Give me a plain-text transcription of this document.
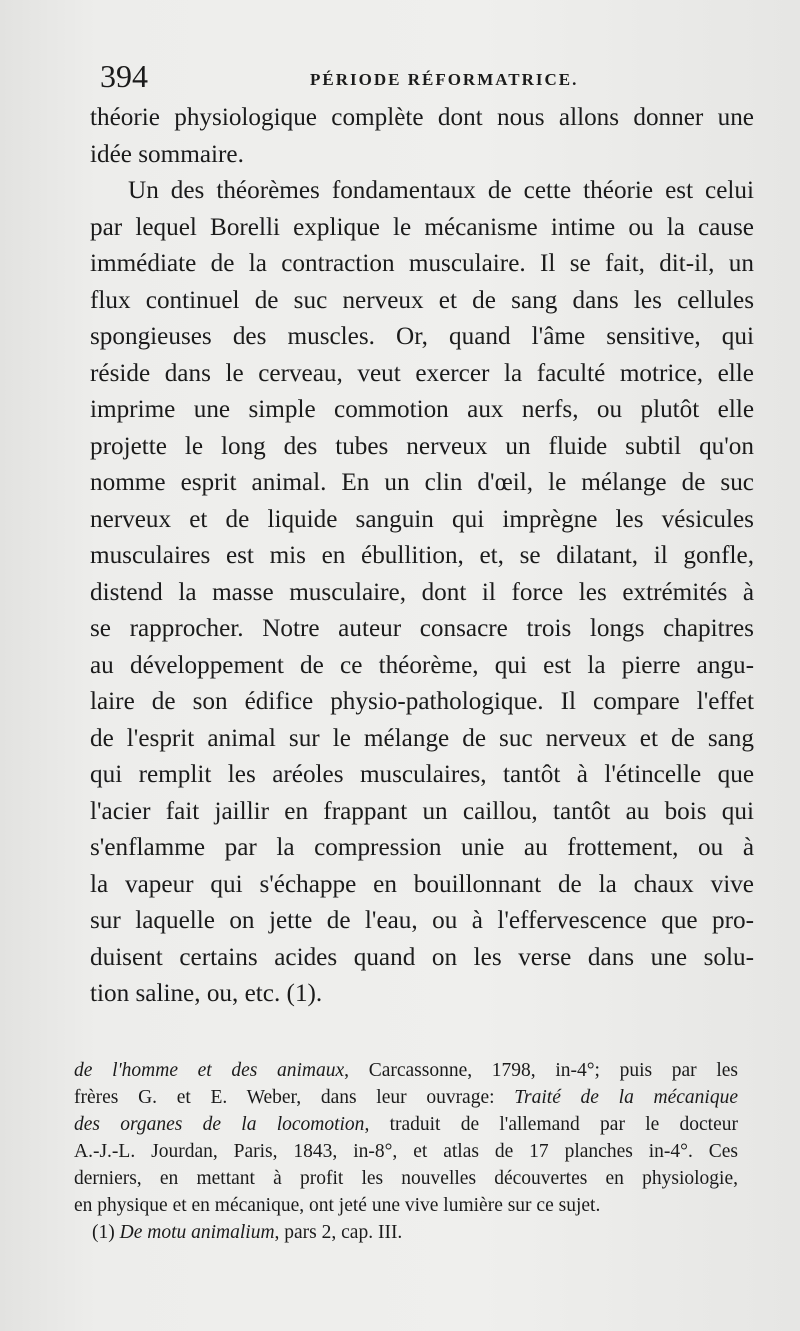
394	PÉRIODE RÉFORMATRICE.
théorie physiologique complète dont nous allons donner une
idée sommaire.
Un des théorèmes fondamentaux de cette théorie est celui
par lequel Borelli explique le mécanisme intime ou la cause
immédiate de la contraction musculaire. Il se fait, dit-il, un
flux continuel de suc nerveux et de sang dans les cellules
spongieuses des muscles. Or, quand l'âme sensitive, qui
réside dans le cerveau, veut exercer la faculté motrice, elle
imprime une simple commotion aux nerfs, ou plutôt elle
projette le long des tubes nerveux un fluide subtil qu'on
nomme esprit animal. En un clin d'œil, le mélange de suc
nerveux et de liquide sanguin qui imprègne les vésicules
musculaires est mis en ébullition, et, se dilatant, il gonfle,
distend la masse musculaire, dont il force les extrémités à
se rapprocher. Notre auteur consacre trois longs chapitres
au développement de ce théorème, qui est la pierre angu-
laire de son édifice physio-pathologique. Il compare l'effet
de l'esprit animal sur le mélange de suc nerveux et de sang
qui remplit les aréoles musculaires, tantôt à l'étincelle que
l'acier fait jaillir en frappant un caillou, tantôt au bois qui
s'enflamme par la compression unie au frottement, ou à
la vapeur qui s'échappe en bouillonnant de la chaux vive
sur laquelle on jette de l'eau, ou à l'effervescence que pro-
duisent certains acides quand on les verse dans une solu-
tion saline, ou, etc. (1).
de l'homme et des animaux, Carcassonne, 1798, in-4°; puis par les
frères G. et E. Weber, dans leur ouvrage: Traité de la mécanique
des organes de la locomotion, traduit de l'allemand par le docteur
A.-J.-L. Jourdan, Paris, 1843, in-8°, et atlas de 17 planches in-4°. Ces
derniers, en mettant à profit les nouvelles découvertes en physiologie,
en physique et en mécanique, ont jeté une vive lumière sur ce sujet.
(1) De motu animalium, pars 2, cap. III.
